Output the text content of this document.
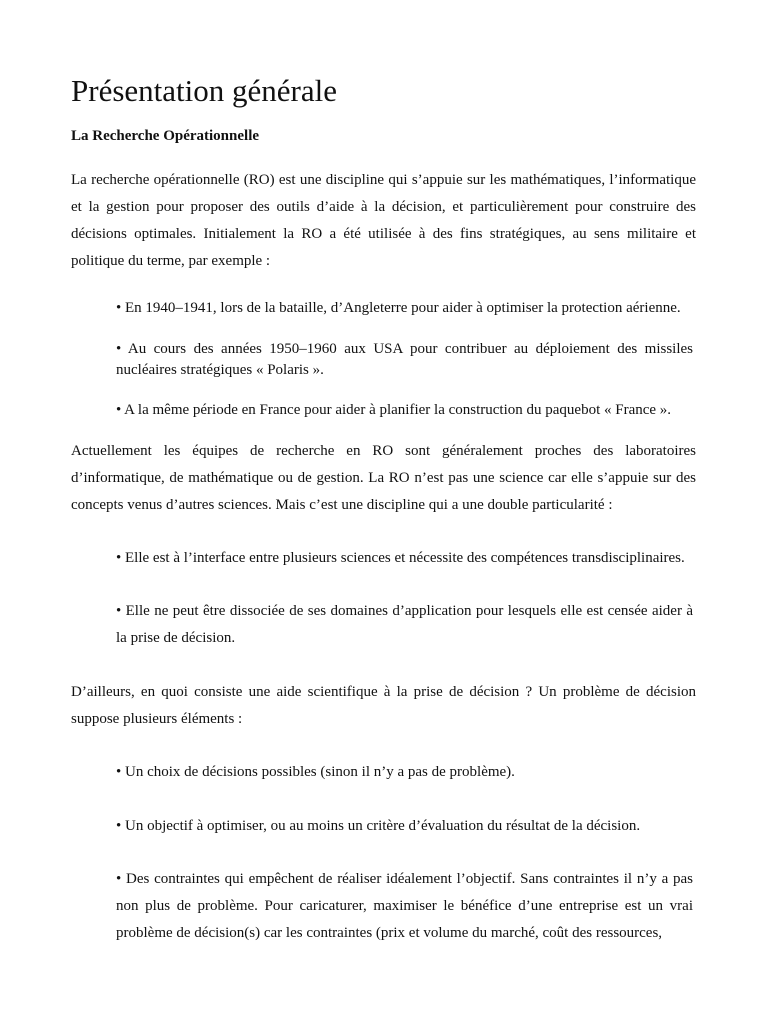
Présentation générale
La Recherche Opérationnelle

La recherche opérationnelle (RO) est une discipline qui s’appuie sur les mathématiques, l’informatique et la gestion pour proposer des outils d’aide à la décision, et particulièrement pour construire des décisions optimales. Initialement la RO a été utilisée à des fins stratégiques, au sens militaire et politique du terme, par exemple :

• En 1940–1941, lors de la bataille, d’Angleterre pour aider à optimiser la protection aérienne.

• Au cours des années 1950–1960 aux USA pour contribuer au déploiement des missiles nucléaires stratégiques « Polaris ».

• A la même période en France pour aider à planifier la construction du paquebot « France ».

Actuellement les équipes de recherche en RO sont généralement proches des laboratoires d’informatique, de mathématique ou de gestion. La RO n’est pas une science car elle s’appuie sur des concepts venus d’autres sciences. Mais c’est une discipline qui a une double particularité :

• Elle est à l’interface entre plusieurs sciences et nécessite des compétences transdisciplinaires.

• Elle ne peut être dissociée de ses domaines d’application pour lesquels elle est censée aider à la prise de décision.

D’ailleurs, en quoi consiste une aide scientifique à la prise de décision ? Un problème de décision suppose plusieurs éléments :

• Un choix de décisions possibles (sinon il n’y a pas de problème).

• Un objectif à optimiser, ou au moins un critère d’évaluation du résultat de la décision.

• Des contraintes qui empêchent de réaliser idéalement l’objectif. Sans contraintes il n’y a pas non plus de problème. Pour caricaturer, maximiser le bénéfice d’une entreprise est un vrai problème de décision(s) car les contraintes (prix et volume du marché, coût des ressources,
